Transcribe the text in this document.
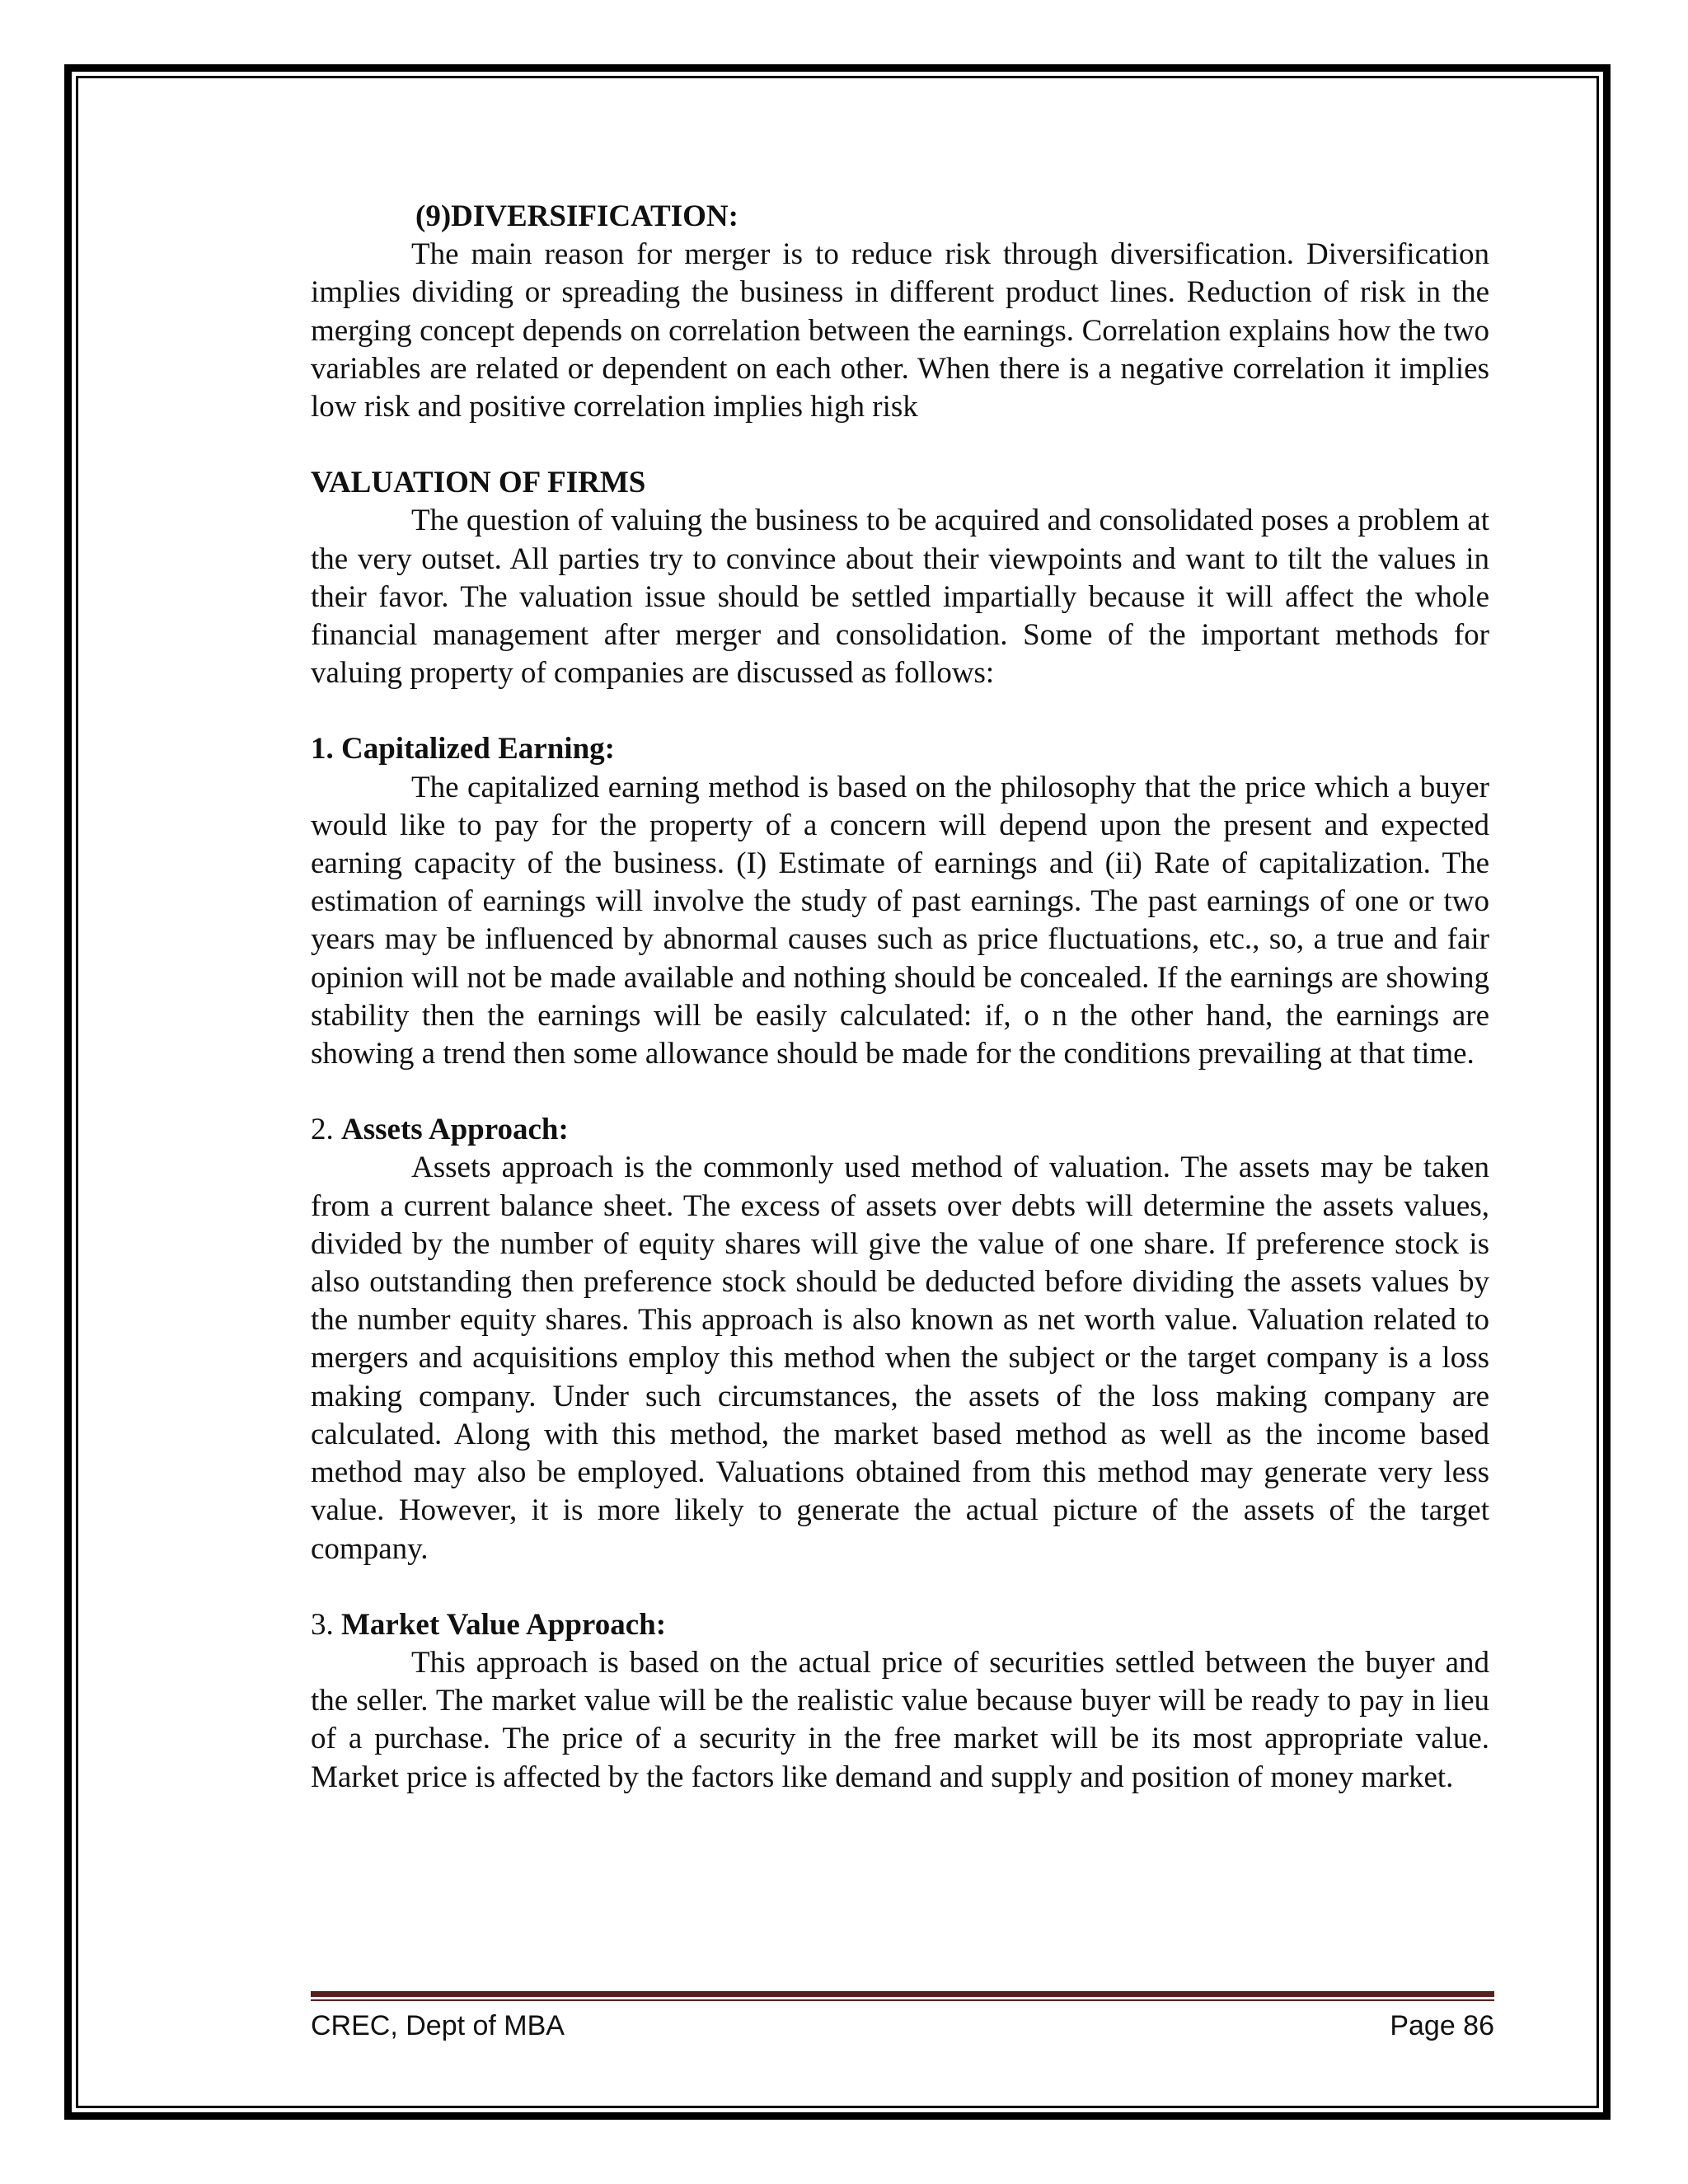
(9)DIVERSIFICATION:

The main reason for merger is to reduce risk through diversification. Diversification implies dividing or spreading the business in different product lines. Reduction of risk in the merging concept depends on correlation between the earnings. Correlation explains how the two variables are related or dependent on each other. When there is a negative correlation it implies low risk and positive correlation implies high risk

VALUATION OF FIRMS

The question of valuing the business to be acquired and consolidated poses a problem at the very outset. All parties try to convince about their viewpoints and want to tilt the values in their favor. The valuation issue should be settled impartially because it will affect the whole financial management after merger and consolidation. Some of the important methods for valuing property of companies are discussed as follows:

1. Capitalized Earning:

The capitalized earning method is based on the philosophy that the price which a buyer would like to pay for the property of a concern will depend upon the present and expected earning capacity of the business. (I) Estimate of earnings and (ii) Rate of capitalization. The estimation of earnings will involve the study of past earnings. The past earnings of one or two years may be influenced by abnormal causes such as price fluctuations, etc., so, a true and fair opinion will not be made available and nothing should be concealed. If the earnings are showing stability then the earnings will be easily calculated: if, o n the other hand, the earnings are showing a trend then some allowance should be made for the conditions prevailing at that time.

2. Assets Approach:

Assets approach is the commonly used method of valuation. The assets may be taken from a current balance sheet. The excess of assets over debts will determine the assets values, divided by the number of equity shares will give the value of one share. If preference stock is also outstanding then preference stock should be deducted before dividing the assets values by the number equity shares. This approach is also known as net worth value. Valuation related to mergers and acquisitions employ this method when the subject or the target company is a loss making company. Under such circumstances, the assets of the loss making company are calculated. Along with this method, the market based method as well as the income based method may also be employed. Valuations obtained from this method may generate very less value. However, it is more likely to generate the actual picture of the assets of the target company.

3. Market Value Approach:

This approach is based on the actual price of securities settled between the buyer and the seller. The market value will be the realistic value because buyer will be ready to pay in lieu of a purchase. The price of a security in the free market will be its most appropriate value. Market price is affected by the factors like demand and supply and position of money market.

CREC, Dept of MBA	Page 86
